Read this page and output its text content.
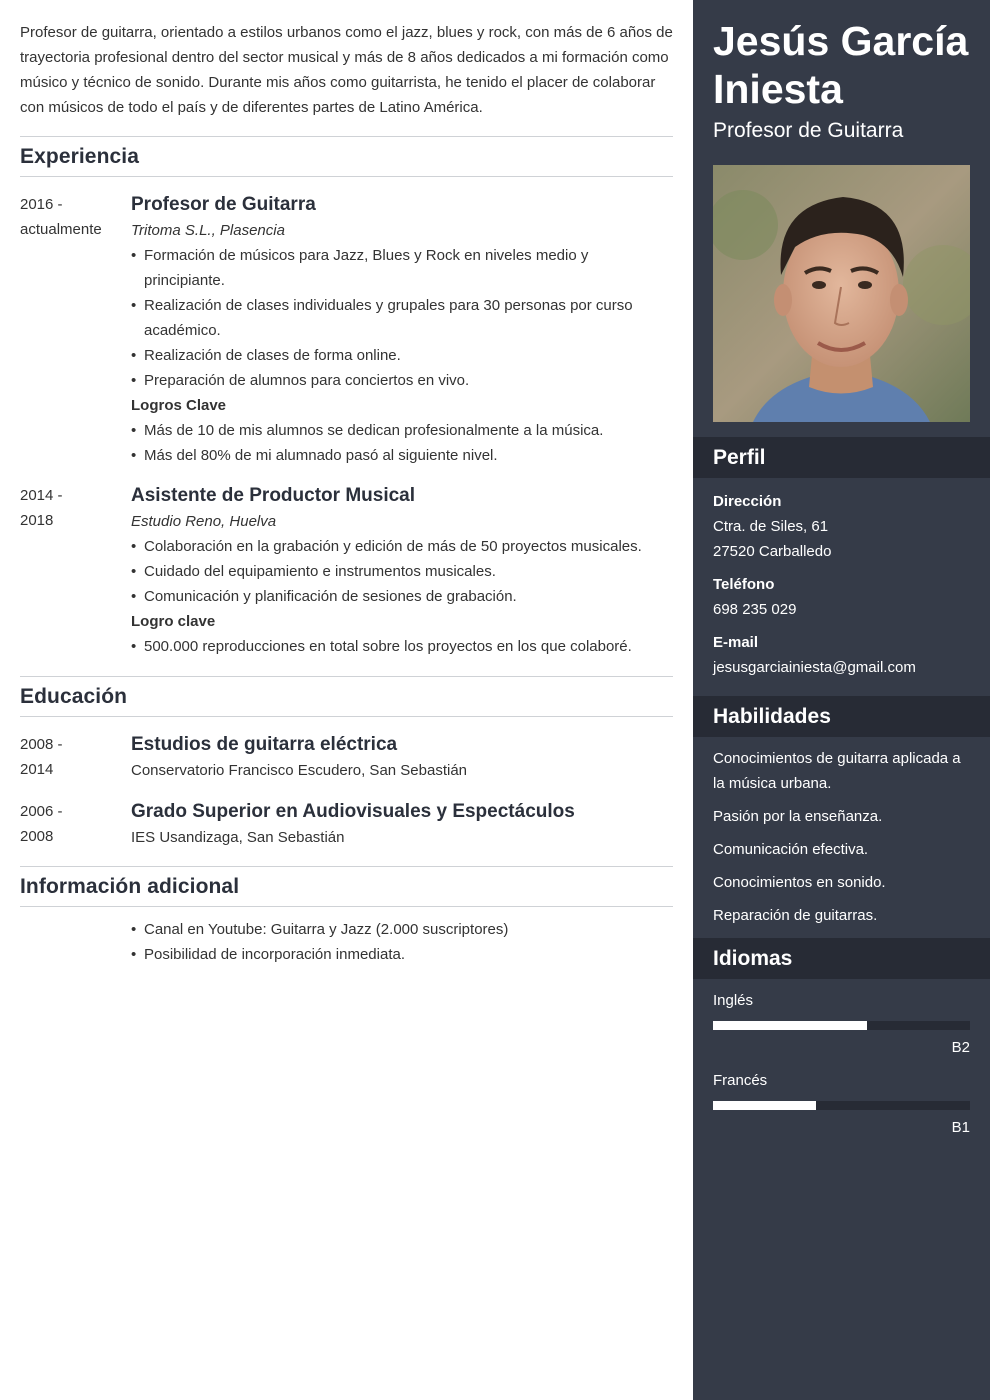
Profesor de guitarra, orientado a estilos urbanos como el jazz, blues y rock, con más de 6 años de trayectoria profesional dentro del sector musical y más de 8 años dedicados a mi formación como músico y técnico de sonido. Durante mis años como guitarrista, he tenido el placer de colaborar con músicos de todo el país y de diferentes partes de Latino América.

Experiencia
2016 -
actualmente
Profesor de Guitarra
Tritoma S.L., Plasencia
• Formación de músicos para Jazz, Blues y Rock en niveles medio y principiante.
• Realización de clases individuales y grupales para 30 personas por curso académico.
• Realización de clases de forma online.
• Preparación de alumnos para conciertos en vivo.
Logros Clave
• Más de 10 de mis alumnos se dedican profesionalmente a la música.
• Más del 80% de mi alumnado pasó al siguiente nivel.
2014 -
2018
Asistente de Productor Musical
Estudio Reno, Huelva
• Colaboración en la grabación y edición de más de 50 proyectos musicales.
• Cuidado del equipamiento e instrumentos musicales.
• Comunicación y planificación de sesiones de grabación.
Logro clave
• 500.000 reproducciones en total sobre los proyectos en los que colaboré.
Educación
2008 -
2014
Estudios de guitarra eléctrica
Conservatorio Francisco Escudero, San Sebastián
2006 -
2008
Grado Superior en Audiovisuales y Espectáculos
IES Usandizaga, San Sebastián
Información adicional
• Canal en Youtube: Guitarra y Jazz (2.000 suscriptores)
• Posibilidad de incorporación inmediata.
Jesús García Iniesta
Profesor de Guitarra
Perfil
Dirección
Ctra. de Siles, 61
27520 Carballedo
Teléfono
698 235 029
E-mail
jesusgarciainiesta@gmail.com
Habilidades
Conocimientos de guitarra aplicada a la música urbana.
Pasión por la enseñanza.
Comunicación efectiva.
Conocimientos en sonido.
Reparación de guitarras.
Idiomas
Inglés
B2
Francés
B1
